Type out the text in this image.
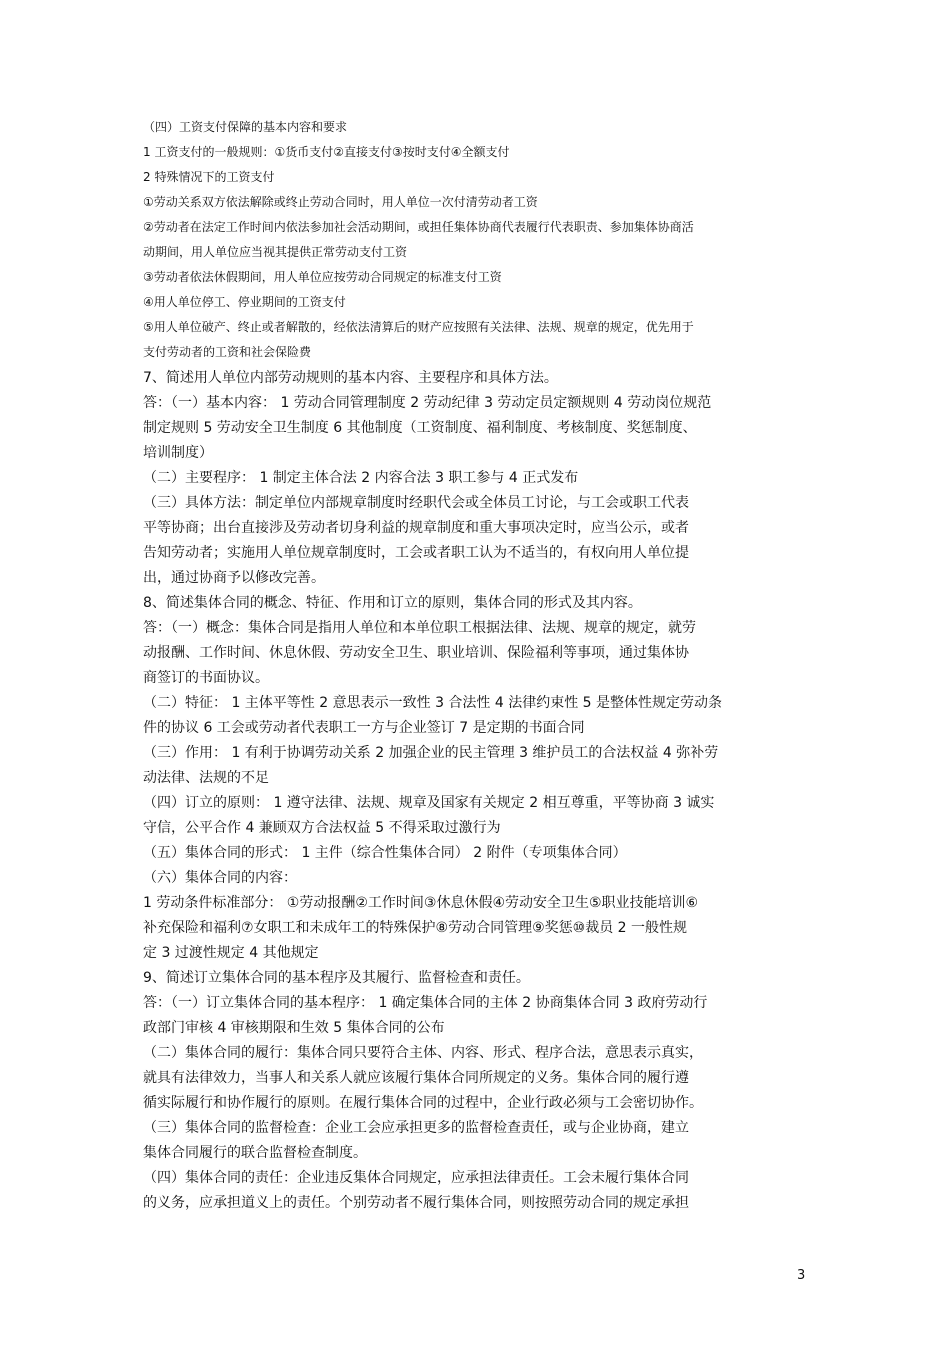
（四）工资支付保障的基本内容和要求
1 工资支付的一般规则：①货币支付②直接支付③按时支付④全额支付
2 特殊情况下的工资支付
①劳动关系双方依法解除或终止劳动合同时，用人单位一次付清劳动者工资
②劳动者在法定工作时间内依法参加社会活动期间，或担任集体协商代表履行代表职责、参加集体协商活
动期间，用人单位应当视其提供正常劳动支付工资
③劳动者依法休假期间，用人单位应按劳动合同规定的标准支付工资
④用人单位停工、停业期间的工资支付
⑤用人单位破产、终止或者解散的，经依法清算后的财产应按照有关法律、法规、规章的规定，优先用于
支付劳动者的工资和社会保险费
7、简述用人单位内部劳动规则的基本内容、主要程序和具体方法。
答：（一）基本内容： 1 劳动合同管理制度 2 劳动纪律 3 劳动定员定额规则 4 劳动岗位规范
制定规则 5 劳动安全卫生制度 6 其他制度（工资制度、福利制度、考核制度、奖惩制度、
培训制度）
（二）主要程序： 1 制定主体合法 2 内容合法 3 职工参与 4 正式发布
（三）具体方法：制定单位内部规章制度时经职代会或全体员工讨论，与工会或职工代表
平等协商；出台直接涉及劳动者切身利益的规章制度和重大事项决定时，应当公示，或者
告知劳动者；实施用人单位规章制度时，工会或者职工认为不适当的，有权向用人单位提
出，通过协商予以修改完善。
8、简述集体合同的概念、特征、作用和订立的原则，集体合同的形式及其内容。
答：（一）概念：集体合同是指用人单位和本单位职工根据法律、法规、规章的规定，就劳
动报酬、工作时间、休息休假、劳动安全卫生、职业培训、保险福利等事项，通过集体协
商签订的书面协议。
（二）特征： 1 主体平等性 2 意思表示一致性 3 合法性 4 法律约束性 5 是整体性规定劳动条
件的协议 6 工会或劳动者代表职工一方与企业签订 7 是定期的书面合同
（三）作用： 1 有利于协调劳动关系 2 加强企业的民主管理 3 维护员工的合法权益 4 弥补劳
动法律、法规的不足
（四）订立的原则： 1 遵守法律、法规、规章及国家有关规定 2 相互尊重，平等协商 3 诚实
守信，公平合作 4 兼顾双方合法权益 5 不得采取过激行为
（五）集体合同的形式： 1 主件（综合性集体合同） 2 附件（专项集体合同）
（六）集体合同的内容：
1 劳动条件标准部分： ①劳动报酬②工作时间③休息休假④劳动安全卫生⑤职业技能培训⑥
补充保险和福利⑦女职工和未成年工的特殊保护⑧劳动合同管理⑨奖惩⑩裁员 2 一般性规
定 3 过渡性规定 4 其他规定
9、简述订立集体合同的基本程序及其履行、监督检查和责任。
答：（一）订立集体合同的基本程序： 1 确定集体合同的主体 2 协商集体合同 3 政府劳动行
政部门审核 4 审核期限和生效 5 集体合同的公布
（二）集体合同的履行：集体合同只要符合主体、内容、形式、程序合法，意思表示真实，
就具有法律效力，当事人和关系人就应该履行集体合同所规定的义务。集体合同的履行遵
循实际履行和协作履行的原则。在履行集体合同的过程中，企业行政必须与工会密切协作。
（三）集体合同的监督检查：企业工会应承担更多的监督检查责任，或与企业协商，建立
集体合同履行的联合监督检查制度。
（四）集体合同的责任：企业违反集体合同规定，应承担法律责任。工会未履行集体合同
的义务，应承担道义上的责任。个别劳动者不履行集体合同，则按照劳动合同的规定承担
3
